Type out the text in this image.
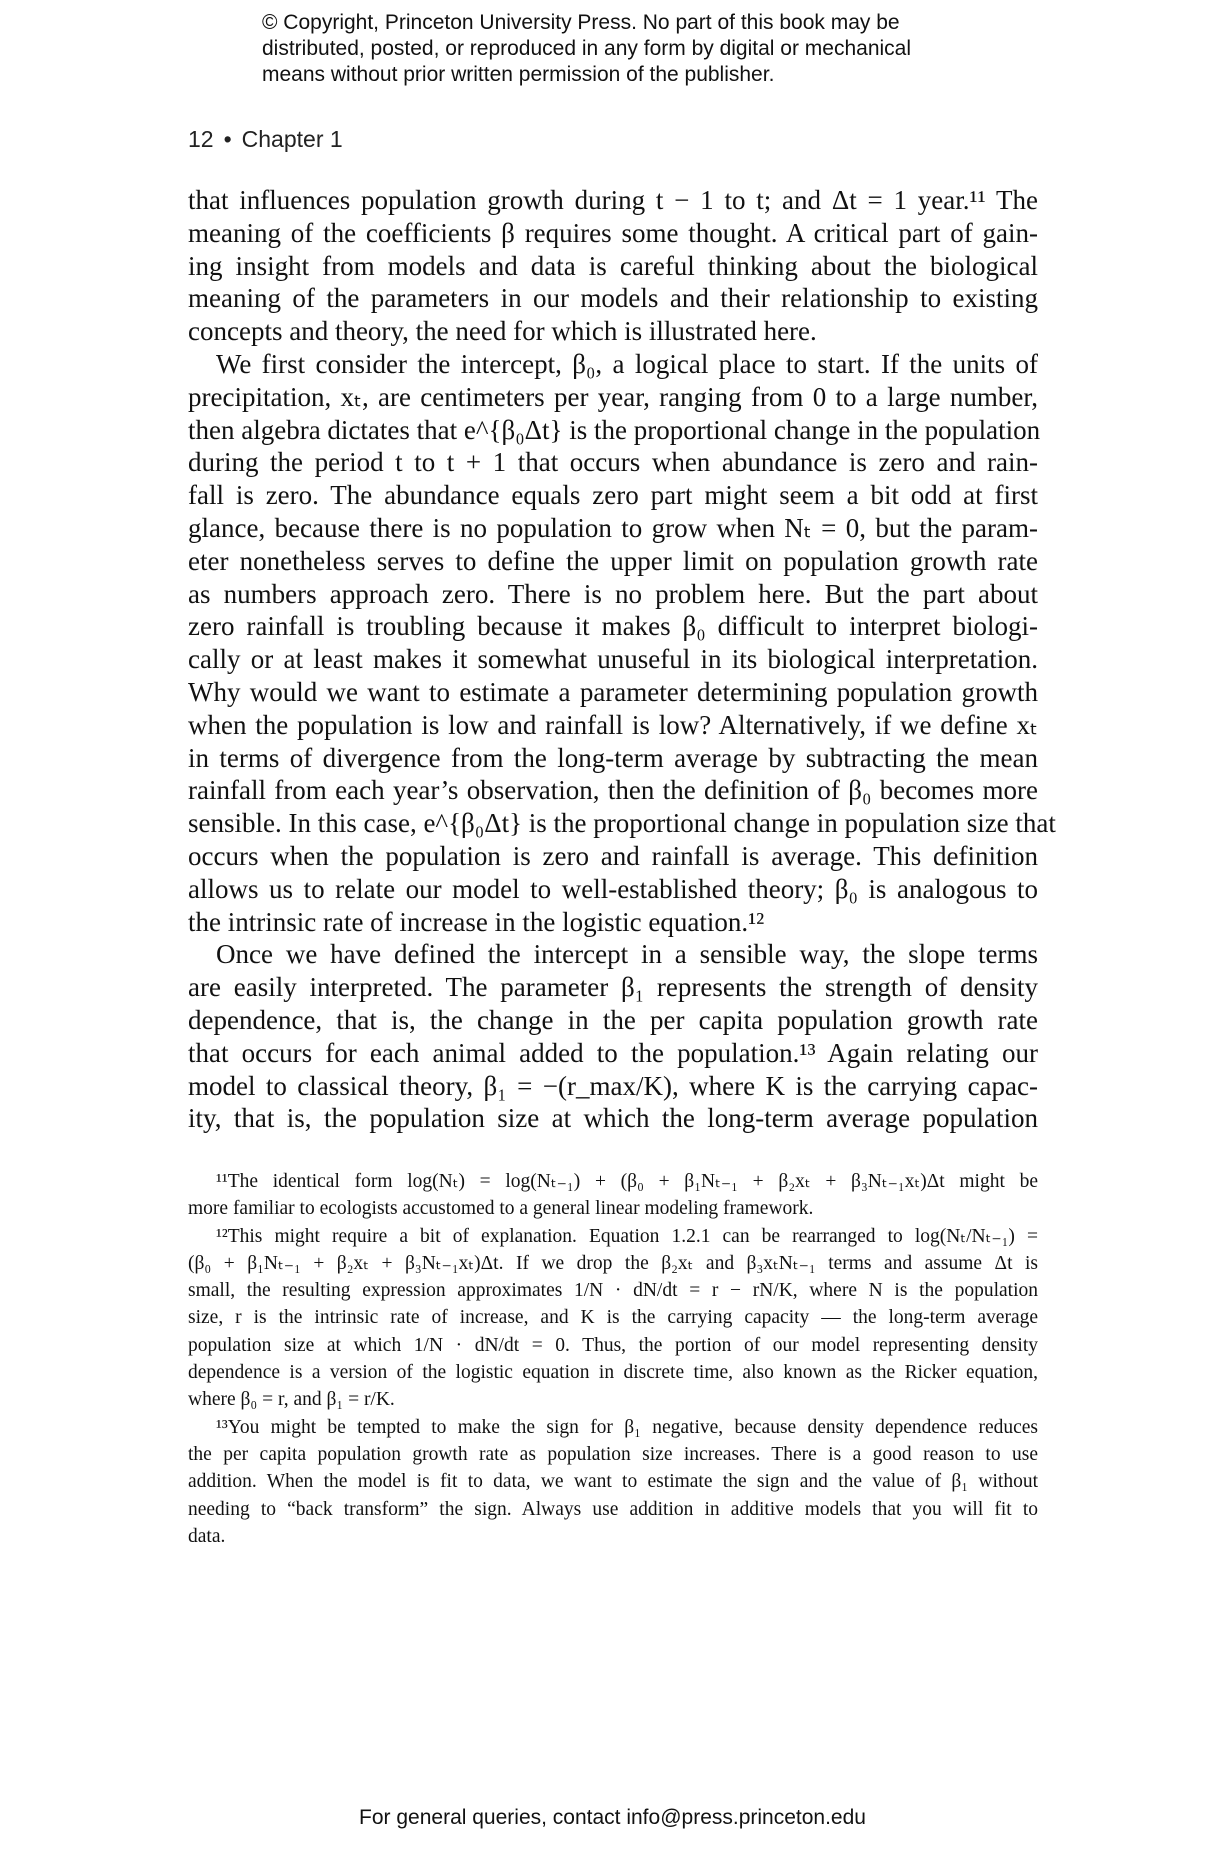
© Copyright, Princeton University Press. No part of this book may be
distributed, posted, or reproduced in any form by digital or mechanical
means without prior written permission of the publisher.
12 • Chapter 1
that influences population growth during t − 1 to t; and Δt = 1 year.¹¹ The
meaning of the coefficients β requires some thought. A critical part of gain-
ing insight from models and data is careful thinking about the biological
meaning of the parameters in our models and their relationship to existing
concepts and theory, the need for which is illustrated here.
We first consider the intercept, β₀, a logical place to start. If the units of
precipitation, xₜ, are centimeters per year, ranging from 0 to a large number,
then algebra dictates that e^{β₀Δt} is the proportional change in the population
during the period t to t + 1 that occurs when abundance is zero and rain-
fall is zero. The abundance equals zero part might seem a bit odd at first
glance, because there is no population to grow when Nₜ = 0, but the param-
eter nonetheless serves to define the upper limit on population growth rate
as numbers approach zero. There is no problem here. But the part about
zero rainfall is troubling because it makes β₀ difficult to interpret biologi-
cally or at least makes it somewhat unuseful in its biological interpretation.
Why would we want to estimate a parameter determining population growth
when the population is low and rainfall is low? Alternatively, if we define xₜ
in terms of divergence from the long-term average by subtracting the mean
rainfall from each year’s observation, then the definition of β₀ becomes more
sensible. In this case, e^{β₀Δt} is the proportional change in population size that
occurs when the population is zero and rainfall is average. This definition
allows us to relate our model to well-established theory; β₀ is analogous to
the intrinsic rate of increase in the logistic equation.¹²
Once we have defined the intercept in a sensible way, the slope terms
are easily interpreted. The parameter β₁ represents the strength of density
dependence, that is, the change in the per capita population growth rate
that occurs for each animal added to the population.¹³ Again relating our
model to classical theory, β₁ = −(r_max/K), where K is the carrying capac-
ity, that is, the population size at which the long-term average population
¹¹The identical form log(Nₜ) = log(Nₜ₋₁) + (β₀ + β₁Nₜ₋₁ + β₂xₜ + β₃Nₜ₋₁xₜ)Δt might be
more familiar to ecologists accustomed to a general linear modeling framework.
¹²This might require a bit of explanation. Equation 1.2.1 can be rearranged to log(Nₜ/Nₜ₋₁) =
(β₀ + β₁Nₜ₋₁ + β₂xₜ + β₃Nₜ₋₁xₜ)Δt. If we drop the β₂xₜ and β₃xₜNₜ₋₁ terms and assume Δt is
small, the resulting expression approximates 1/N · dN/dt = r − rN/K, where N is the population
size, r is the intrinsic rate of increase, and K is the carrying capacity — the long-term average
population size at which 1/N · dN/dt = 0. Thus, the portion of our model representing density
dependence is a version of the logistic equation in discrete time, also known as the Ricker equation,
where β₀ = r, and β₁ = r/K.
¹³You might be tempted to make the sign for β₁ negative, because density dependence reduces
the per capita population growth rate as population size increases. There is a good reason to use
addition. When the model is fit to data, we want to estimate the sign and the value of β₁ without
needing to “back transform” the sign. Always use addition in additive models that you will fit to
data.
For general queries, contact info@press.princeton.edu
